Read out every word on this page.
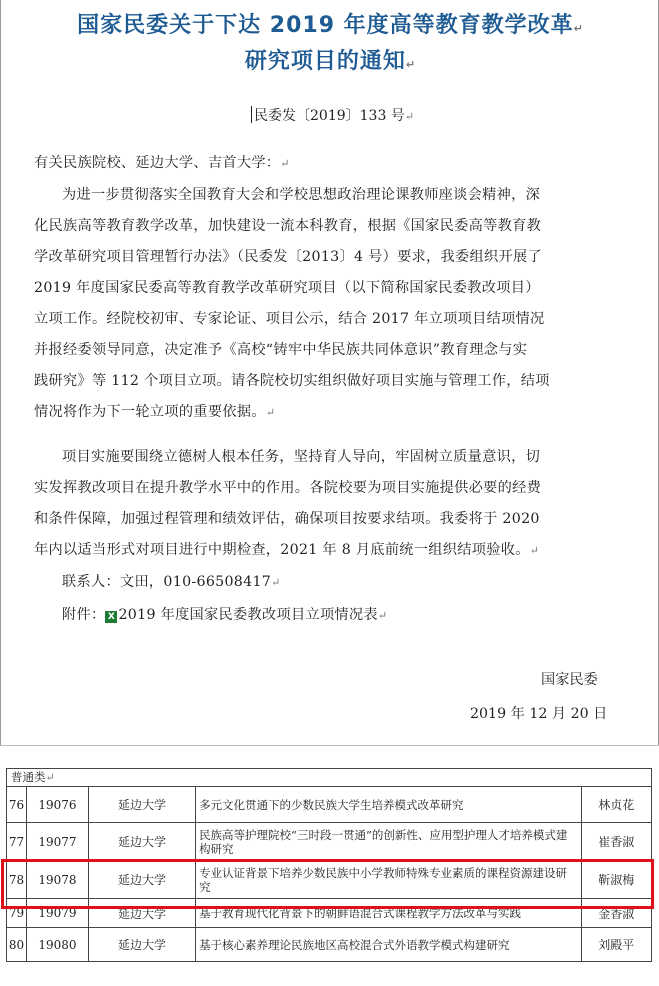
国家民委关于下达 2019 年度高等教育教学改革↵
研究项目的通知↵
民委发〔2019〕133 号↵
有关民族院校、延边大学、吉首大学：↵
为进一步贯彻落实全国教育大会和学校思想政治理论课教师座谈会精神，深
化民族高等教育教学改革，加快建设一流本科教育，根据《国家民委高等教育教
学改革研究项目管理暂行办法》（民委发〔2013〕4 号）要求，我委组织开展了
2019 年度国家民委高等教育教学改革研究项目（以下简称国家民委教改项目）
立项工作。经院校初审、专家论证、项目公示，结合 2017 年立项项目结项情况
并报经委领导同意，决定准予《高校“铸牢中华民族共同体意识”教育理念与实
践研究》等 112 个项目立项。请各院校切实组织做好项目实施与管理工作，结项
情况将作为下一轮立项的重要依据。↵
项目实施要围绕立德树人根本任务，坚持育人导向，牢固树立质量意识，切
实发挥教改项目在提升教学水平中的作用。各院校要为项目实施提供必要的经费
和条件保障，加强过程管理和绩效评估，确保项目按要求结项。我委将于 2020
年内以适当形式对项目进行中期检查，2021 年 8 月底前统一组织结项验收。↵
联系人：文田，010-66508417↵
附件： X 2019 年度国家民委教改项目立项情况表↵
国家民委
2019 年 12 月 20 日
普通类↵
76	19076	延边大学	多元文化贯通下的少数民族大学生培养模式改革研究	林贞花
77	19077	延边大学	民族高等护理院校“三时段一贯通”的创新性、应用型护理人才培养模式建构研究	崔香淑
78	19078	延边大学	专业认证背景下培养少数民族中小学教师特殊专业素质的课程资源建设研究	靳淑梅
79	19079	延边大学	基于教育现代化背景下的朝鲜语混合式课程教学方法改革与实践	金香淑
80	19080	延边大学	基于核心素养理论民族地区高校混合式外语教学模式构建研究	刘殿平
